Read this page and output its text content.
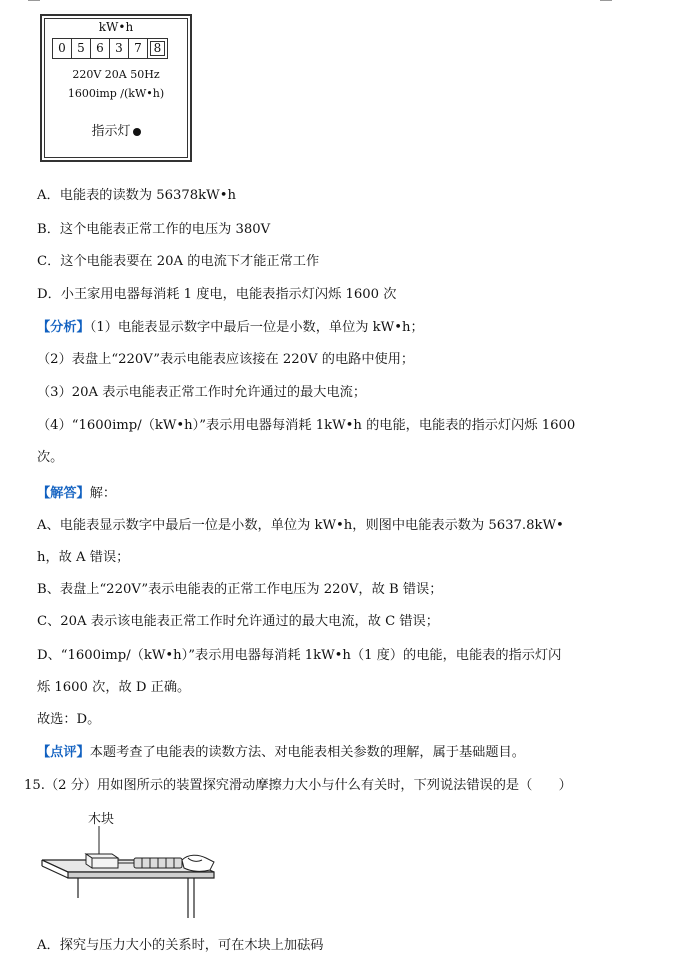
kW•h
0 5 6 3 7 8
220V 20A 50Hz
1600imp /(kW•h)
指示灯
A．电能表的读数为 56378kW•h
B．这个电能表正常工作的电压为 380V
C．这个电能表要在 20A 的电流下才能正常工作
D．小王家用电器每消耗 1 度电，电能表指示灯闪烁 1600 次
【分析】（1）电能表显示数字中最后一位是小数，单位为 kW•h；
（2）表盘上“220V”表示电能表应该接在 220V 的电路中使用；
（3）20A 表示电能表正常工作时允许通过的最大电流；
（4）“1600imp/（kW•h）”表示用电器每消耗 1kW•h 的电能，电能表的指示灯闪烁 1600
次。
【解答】解：
A、电能表显示数字中最后一位是小数，单位为 kW•h，则图中电能表示数为 5637.8kW•
h，故 A 错误；
B、表盘上“220V”表示电能表的正常工作电压为 220V，故 B 错误；
C、20A 表示该电能表正常工作时允许通过的最大电流，故 C 错误；
D、“1600imp/（kW•h）”表示用电器每消耗 1kW•h（1 度）的电能，电能表的指示灯闪
烁 1600 次，故 D 正确。
故选：D。
【点评】本题考查了电能表的读数方法、对电能表相关参数的理解，属于基础题目。
15.（2 分）用如图所示的装置探究滑动摩擦力大小与什么有关时，下列说法错误的是（　　）
木块
A．探究与压力大小的关系时，可在木块上加砝码
